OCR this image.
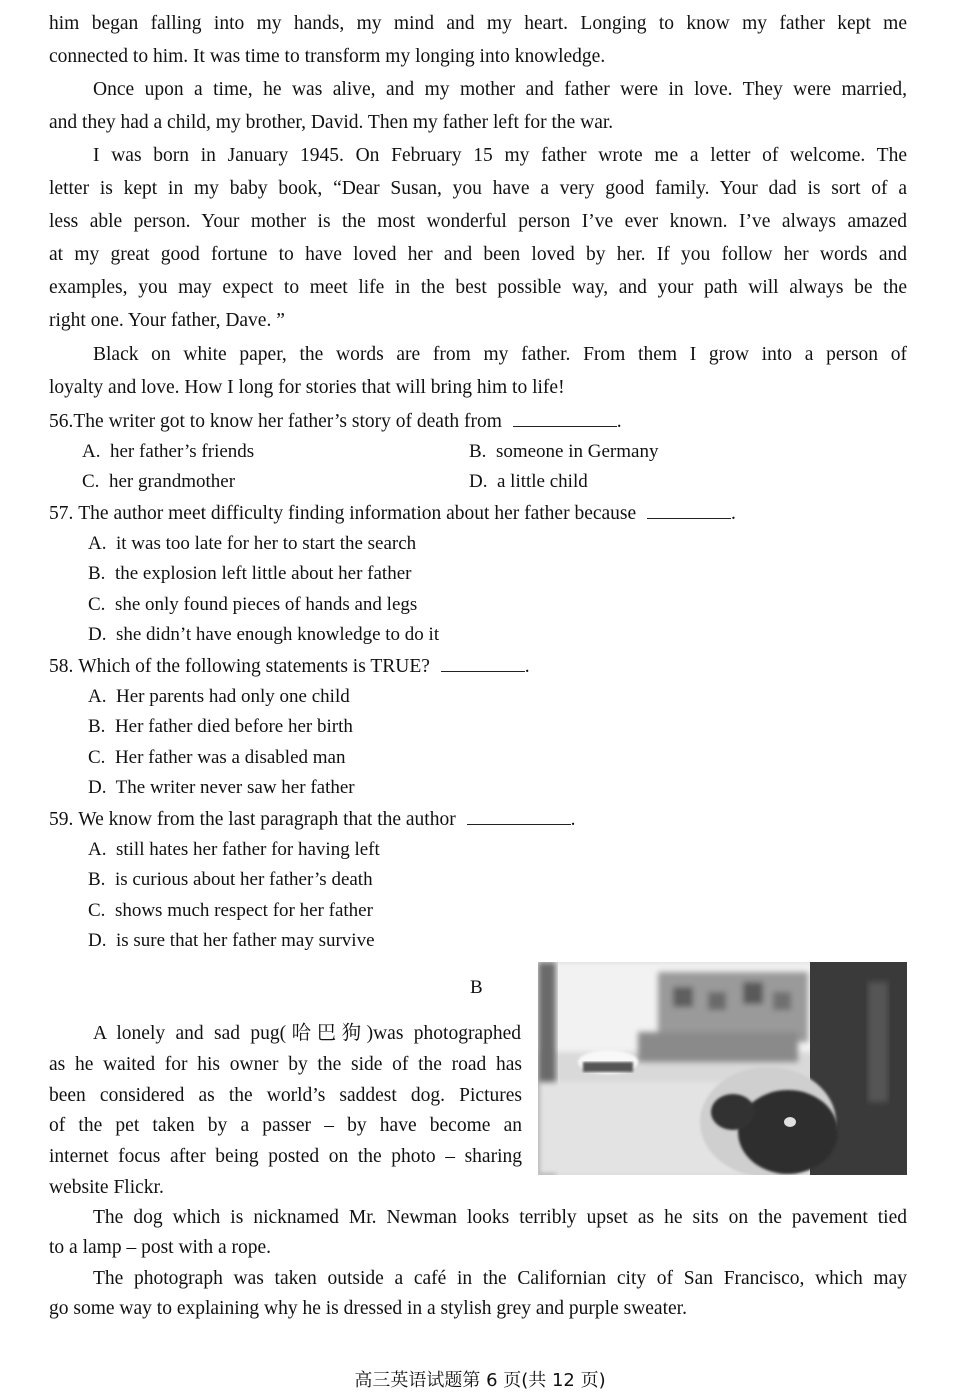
him began falling into my hands, my mind and my heart. Longing to know my father kept me
connected to him. It was time to transform my longing into knowledge.
Once upon a time, he was alive, and my mother and father were in love. They were married,
and they had a child, my brother, David. Then my father left for the war.
I was born in January 1945. On February 15 my father wrote me a letter of welcome. The
letter is kept in my baby book, “Dear Susan, you have a very good family. Your dad is sort of a
less able person. Your mother is the most wonderful person I’ve ever known. I’ve always amazed
at my great good fortune to have loved her and been loved by her. If you follow her words and
examples, you may expect to meet life in the best possible way, and your path will always be the
right one. Your father, Dave. ”
Black on white paper, the words are from my father. From them I grow into a person of
loyalty and love. How I long for stories that will bring him to life!
56.The writer got to know her father’s story of death from	.
A. her father’s friends	B. someone in Germany
C. her grandmother	D. a little child
57. The author meet difficulty finding information about her father because	.
A. it was too late for her to start the search
B. the explosion left little about her father
C. she only found pieces of hands and legs
D. she didn’t have enough knowledge to do it
58. Which of the following statements is TRUE?	.
A. Her parents had only one child
B. Her father died before her birth
C. Her father was a disabled man
D. The writer never saw her father
59. We know from the last paragraph that the author	.
A. still hates her father for having left
B. is curious about her father’s death
C. shows much respect for her father
D. is sure that her father may survive
B
A lonely and sad pug(哈巴狗)was photographed
as he waited for his owner by the side of the road has
been considered as the world’s saddest dog. Pictures
of the pet taken by a passer – by have become an
internet focus after being posted on the photo – sharing
website Flickr.
The dog which is nicknamed Mr. Newman looks terribly upset as he sits on the pavement tied
to a lamp – post with a rope.
The photograph was taken outside a café in the Californian city of San Francisco, which may
go some way to explaining why he is dressed in a stylish grey and purple sweater.
高三英语试题第 6 页(共 12 页)
